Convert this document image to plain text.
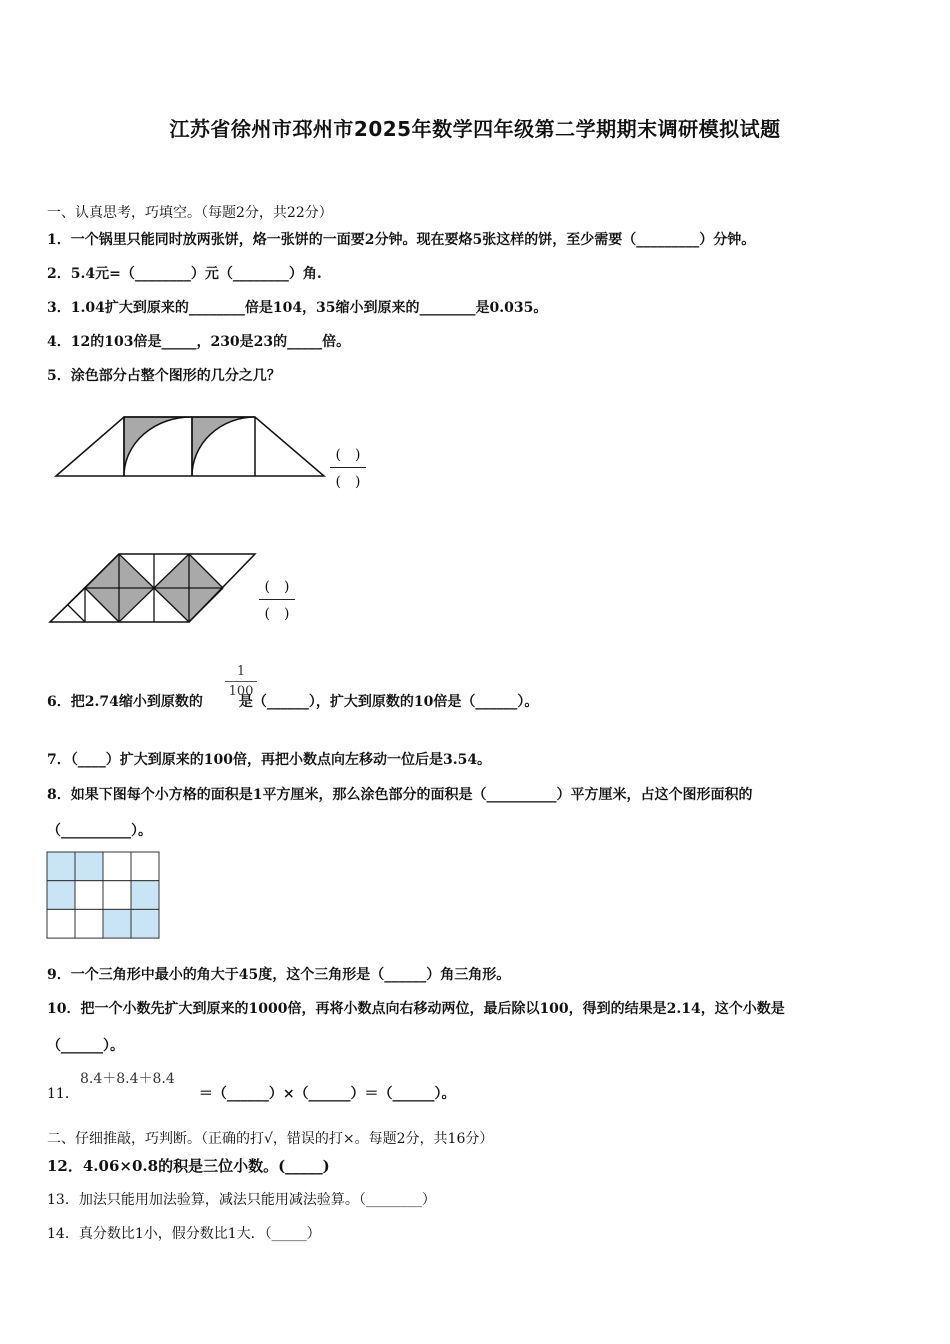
江苏省徐州市邳州市2025年数学四年级第二学期期末调研模拟试题
一、认真思考，巧填空。（每题2分，共22分）
1．一个锅里只能同时放两张饼，烙一张饼的一面要2分钟。现在要烙5张这样的饼，至少需要（_________）分钟。
2．5.4元=（________）元（________）角.
3．1.04扩大到原来的________倍是104，35缩小到原来的________是0.035。
4．12的103倍是_____，230是23的_____倍。
5．涂色部分占整个图形的几分之几？
(　)
(　)
(　)
(　)
6．把2.74缩小到原数的	是（______），扩大到原数的10倍是（______）。
1
100
7．（____）扩大到原来的100倍，再把小数点向左移动一位后是3.54。
8．如果下图每个小方格的面积是1平方厘米，那么涂色部分的面积是（__________）平方厘米，占这个图形面积的
（__________）。
9．一个三角形中最小的角大于45度，这个三角形是（______）角三角形。
10．把一个小数先扩大到原来的1000倍，再将小数点向右移动两位，最后除以100，得到的结果是2.14，这个小数是
（______）。
11．	＝（______）×（______）＝（______）。
8.4＋8.4＋8.4
二、仔细推敲，巧判断。（正确的打√，错误的打×。每题2分，共16分）
12．4.06×0.8的积是三位小数。(_____)
13．加法只能用加法验算，减法只能用减法验算。（________）
14．真分数比1小，假分数比1大．（_____）
